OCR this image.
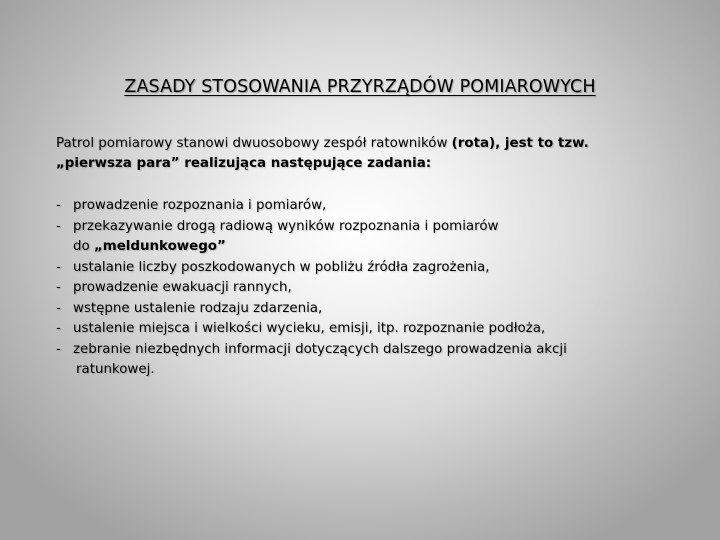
ZASADY STOSOWANIA PRZYRZĄDÓW POMIAROWYCH
Patrol pomiarowy stanowi dwuosobowy zespół ratowników (rota), jest to tzw.
„pierwsza para” realizująca następujące zadania:
- prowadzenie rozpoznania i pomiarów,
- przekazywanie drogą radiową wyników rozpoznania i pomiarów
do „meldunkowego”
- ustalanie liczby poszkodowanych w pobliżu źródła zagrożenia,
- prowadzenie ewakuacji rannych,
- wstępne ustalenie rodzaju zdarzenia,
- ustalenie miejsca i wielkości wycieku, emisji, itp. rozpoznanie podłoża,
- zebranie niezbędnych informacji dotyczących dalszego prowadzenia akcji
ratunkowej.
